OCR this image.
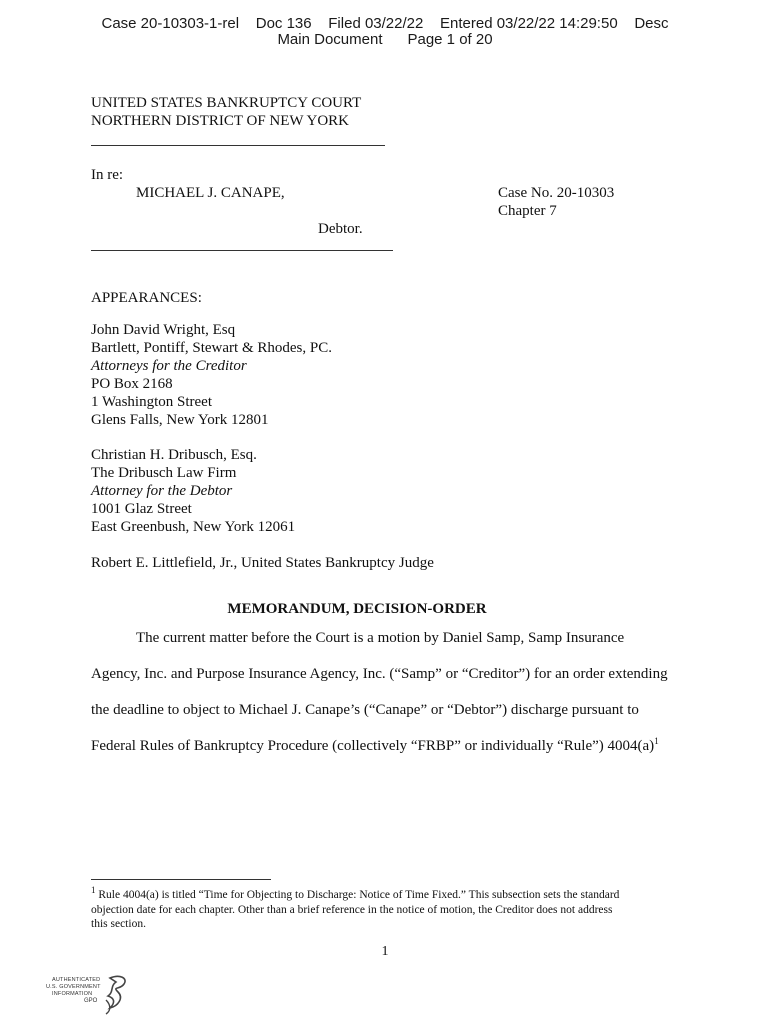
Case 20-10303-1-rel    Doc 136    Filed 03/22/22    Entered 03/22/22 14:29:50    Desc
Main Document      Page 1 of 20
UNITED STATES BANKRUPTCY COURT
NORTHERN DISTRICT OF NEW YORK
In re:
MICHAEL J. CANAPE,	Case No. 20-10303
Chapter 7
Debtor.
APPEARANCES:
John David Wright, Esq
Bartlett, Pontiff, Stewart & Rhodes, PC.
Attorneys for the Creditor
PO Box 2168
1 Washington Street
Glens Falls, New York 12801
Christian H. Dribusch, Esq.
The Dribusch Law Firm
Attorney for the Debtor
1001 Glaz Street
East Greenbush, New York 12061
Robert E. Littlefield, Jr., United States Bankruptcy Judge
MEMORANDUM, DECISION-ORDER
The current matter before the Court is a motion by Daniel Samp, Samp Insurance
Agency, Inc. and Purpose Insurance Agency, Inc. (“Samp” or “Creditor”) for an order extending
the deadline to object to Michael J. Canape’s (“Canape” or “Debtor”) discharge pursuant to
Federal Rules of Bankruptcy Procedure (collectively “FRBP” or individually “Rule”) $4004(a)^1$
$^1$ Rule 4004(a) is titled “Time for Objecting to Discharge: Notice of Time Fixed.” This subsection sets the standard
objection date for each chapter. Other than a brief reference in the notice of motion, the Creditor does not address
this section.
1
AUTHENTICATED
U.S. GOVERNMENT
INFORMATION
GPO
